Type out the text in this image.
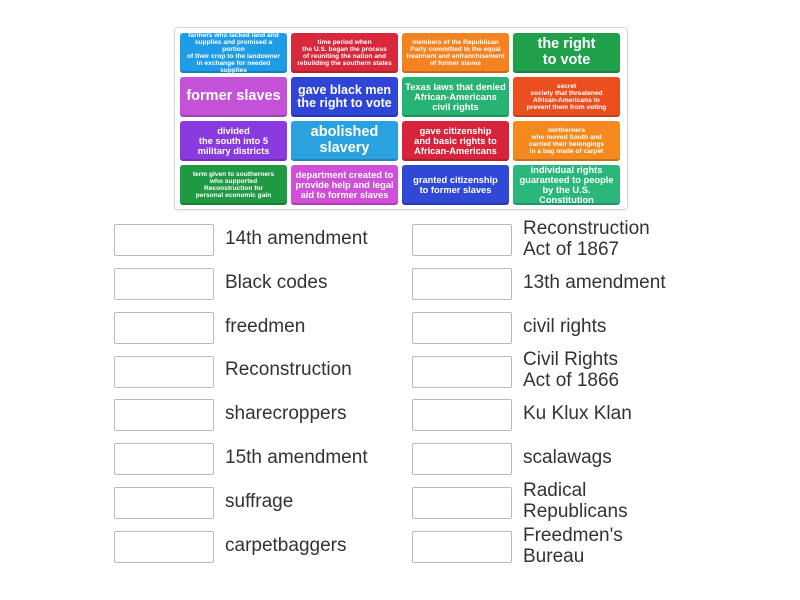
farmers who lacked land and
supplies and promised a portion
of their crop to the landowner
in exchange for needed supplies
time period when
the U.S. began the process
of reuniting the nation and
rebuilding the southern states
members of the Republican
Party committed to the equal
treatment and enfranchisement
of former slaves
the right
to vote
former slaves	gave black men
the right to vote
Texas laws that denied
African-Americans
civil rights
secret
society that threatened
African-Americans to
prevent them from voting
divided
the south into 5
military districts
abolished
slavery
gave citizenship
and basic rights to
African-Americans
northerners
who moved South and
carried their belongings
in a bag made of carpet
term given to southerners
who supported
Reconstruction for
personal economic gain
department created to
provide help and legal
aid to former slaves
granted citizenship
to former slaves
individual rights
guaranteed to people
by the U.S. Constitution
14th amendment
Black codes
freedmen
Reconstruction
sharecroppers
15th amendment
suffrage
carpetbaggers
Reconstruction
Act of 1867
13th amendment
civil rights
Civil Rights
Act of 1866
Ku Klux Klan
scalawags
Radical
Republicans
Freedmen's
Bureau
